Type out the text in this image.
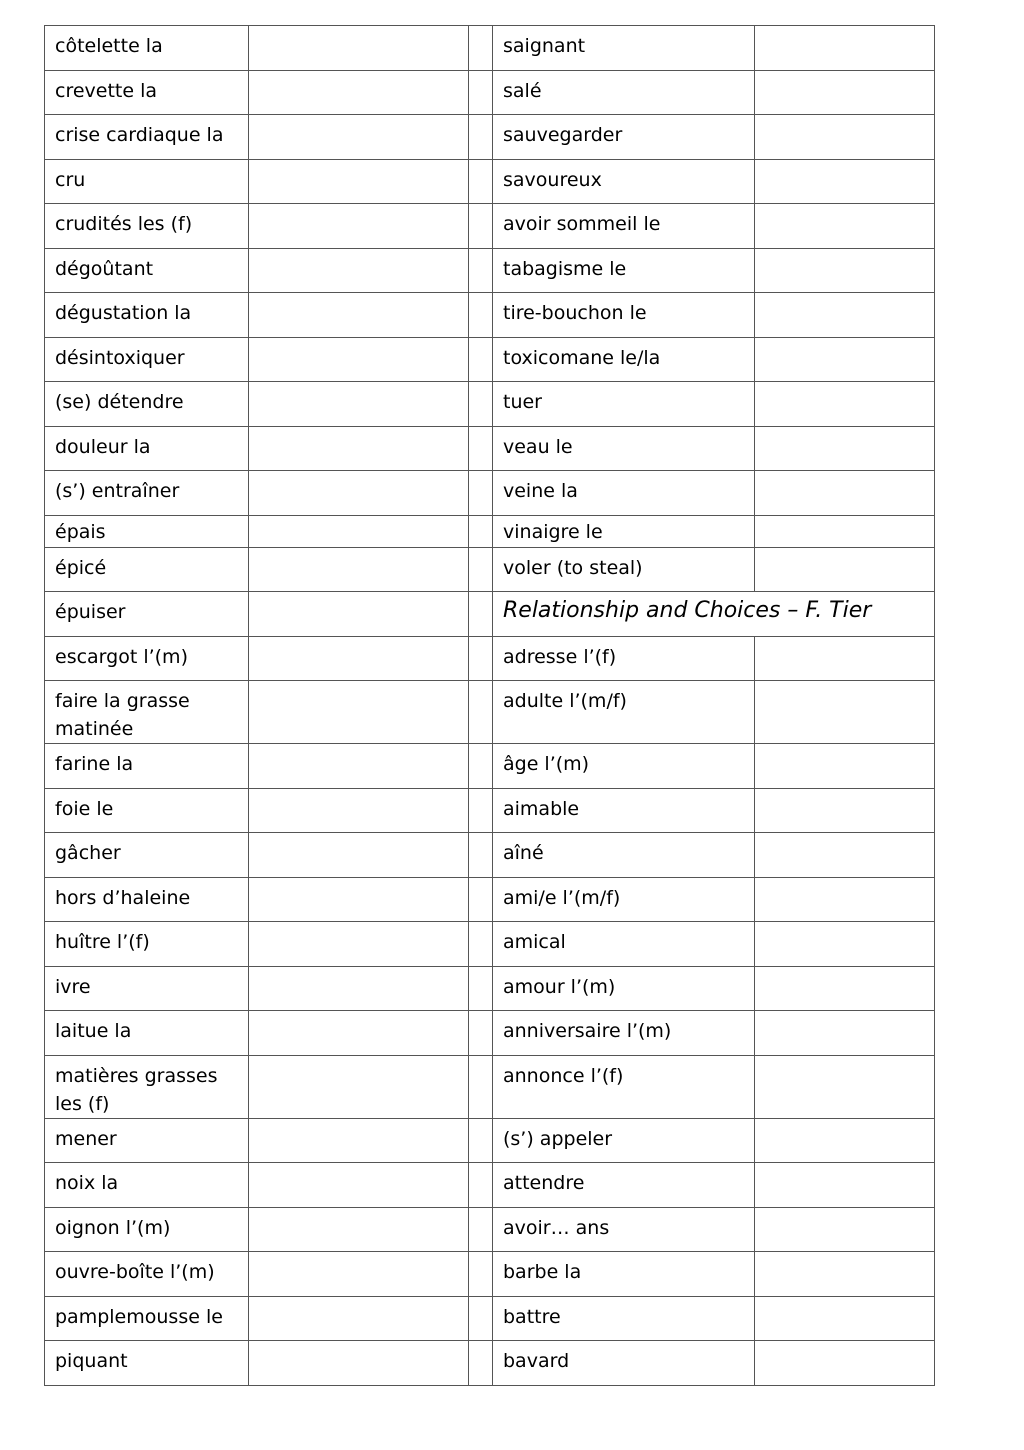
côtelette la			saignant	
crevette la			salé	
crise cardiaque la			sauvegarder	
cru			savoureux	
crudités les (f)			avoir sommeil le	
dégoûtant			tabagisme le	
dégustation la			tire-bouchon le	
désintoxiquer			toxicomane le/la	
(se) détendre			tuer	
douleur la			veau le	
(s’) entraîner			veine la	
épais			vinaigre le	
épicé			voler (to steal)	
épuiser			Relationship and Choices – F. Tier	
escargot l’(m)			adresse l’(f)	
faire la grasse matinée			adulte l’(m/f)	
farine la			âge l’(m)	
foie le			aimable	
gâcher			aîné	
hors d’haleine			ami/e l’(m/f)	
huître l’(f)			amical	
ivre			amour l’(m)	
laitue la			anniversaire l’(m)	
matières grasses les (f)			annonce l’(f)	
mener			(s’) appeler	
noix la			attendre	
oignon l’(m)			avoir… ans	
ouvre-boîte l’(m)			barbe la	
pamplemousse le			battre	
piquant			bavard	
